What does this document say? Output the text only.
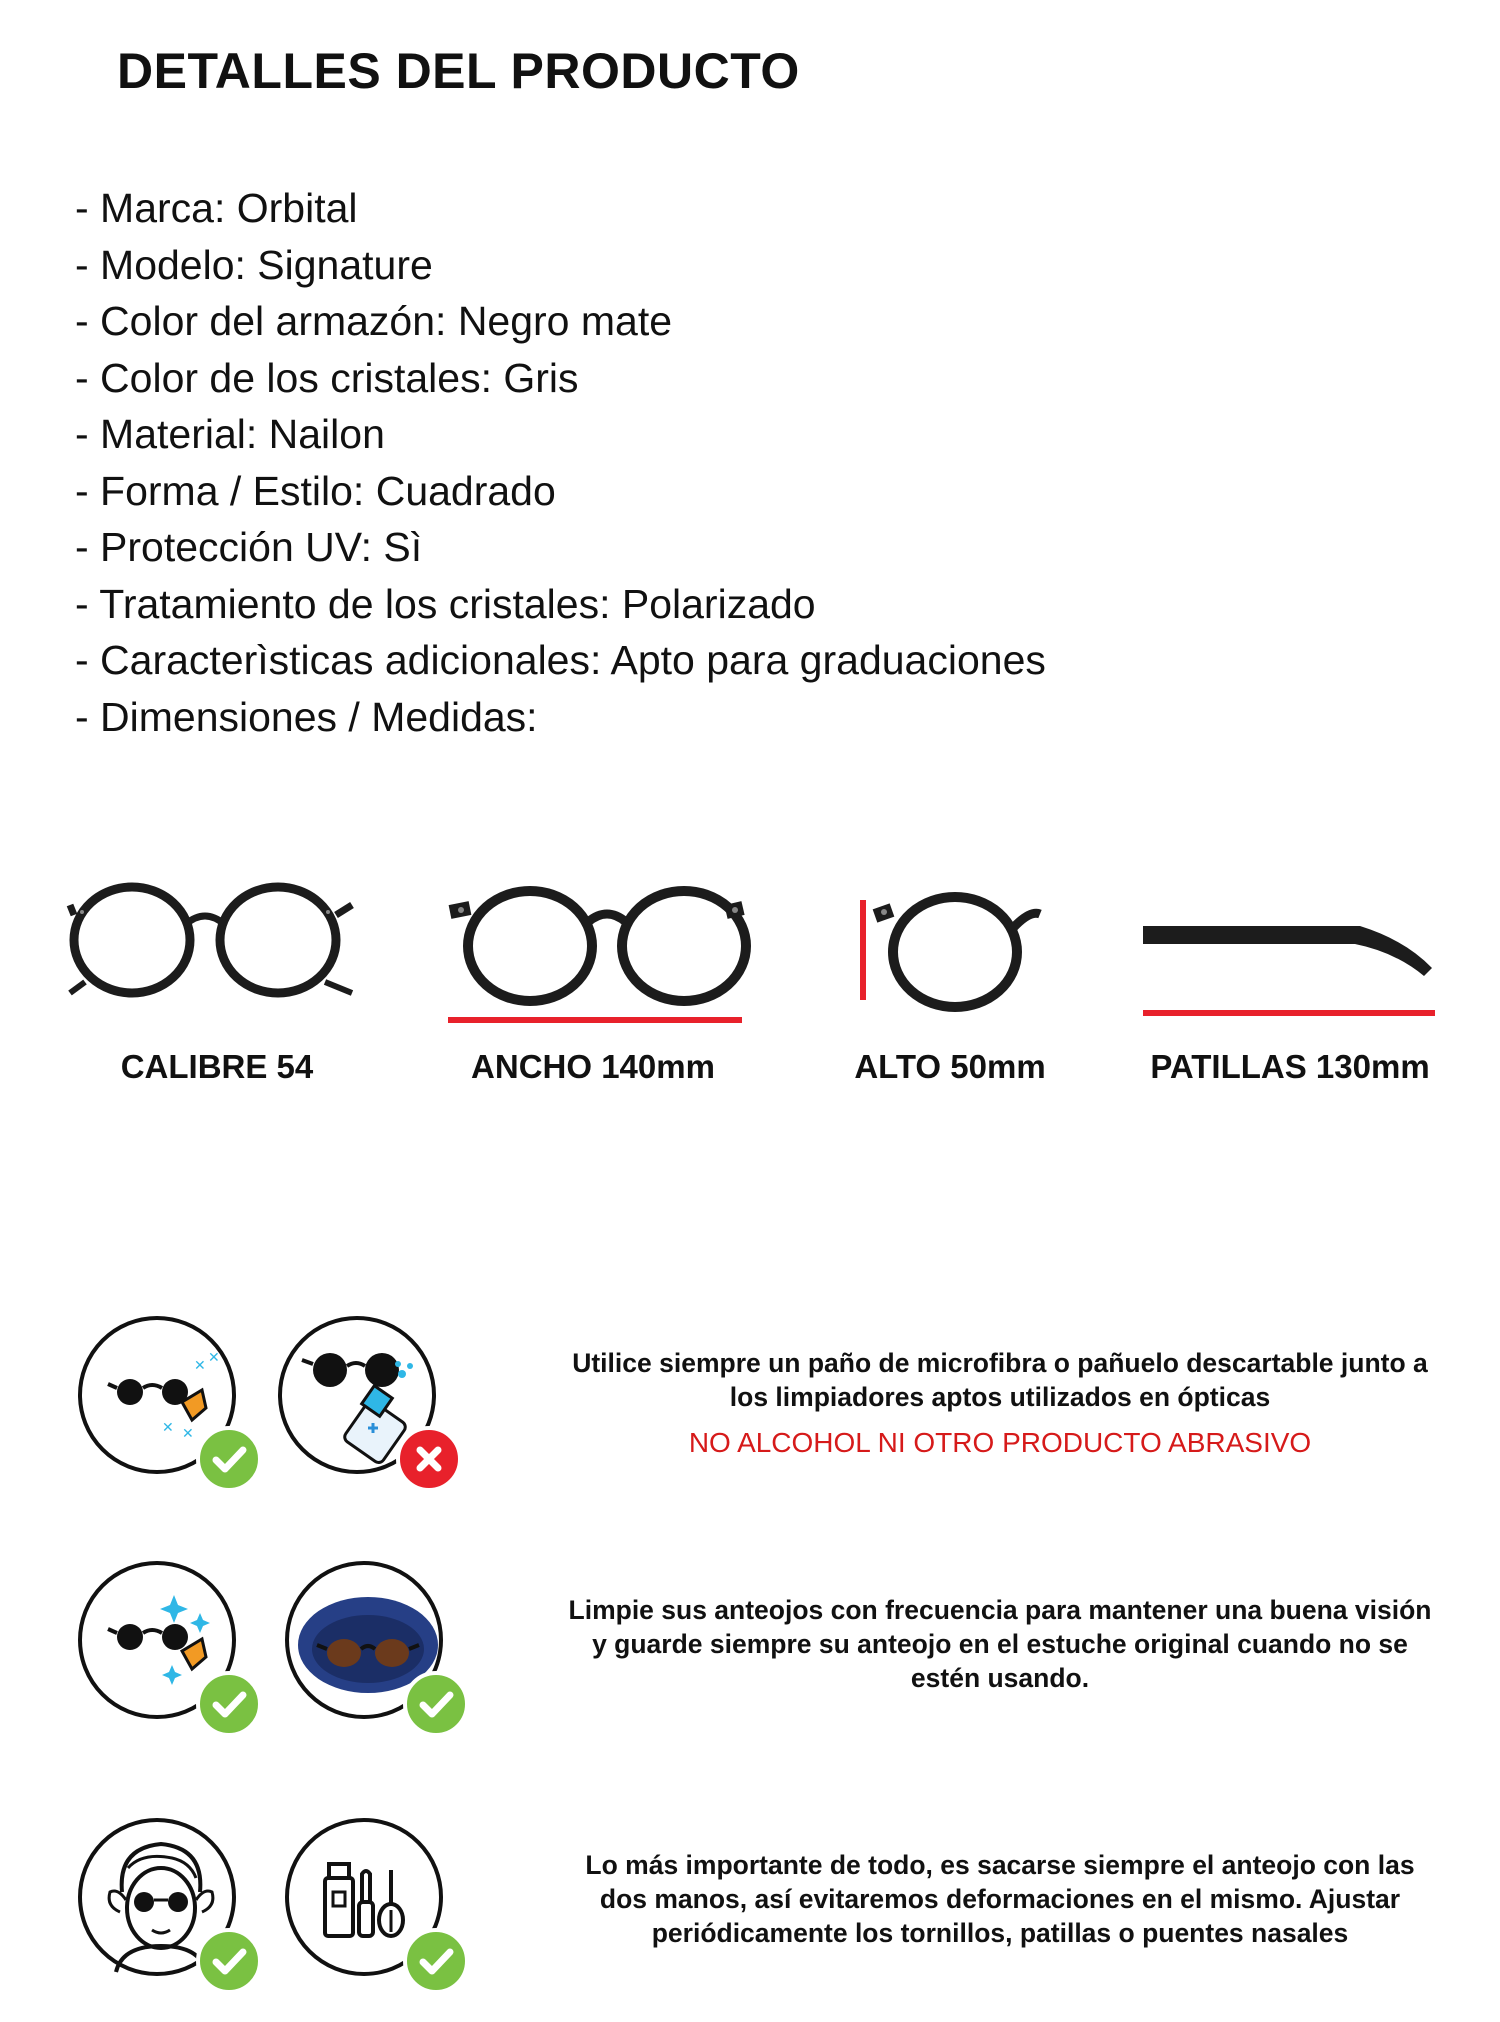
DETALLES DEL PRODUCTO
- Marca: Orbital
- Modelo: Signature
- Color del armazón: Negro mate
- Color de los cristales: Gris
- Material: Nailon
- Forma / Estilo: Cuadrado
- Protección UV: Sì
- Tratamiento de los cristales: Polarizado
- Caracterìsticas adicionales: Apto para graduaciones
- Dimensiones / Medidas:
CALIBRE 54	ANCHO 140mm	ALTO 50mm	PATILLAS 130mm
✕ ✕
✕
✕
Utilice siempre un paño de microfibra o pañuelo descartable junto a los limpiadores aptos utilizados en ópticas
NO ALCOHOL NI OTRO PRODUCTO ABRASIVO
Limpie sus anteojos con frecuencia para mantener una buena visión y guarde siempre su anteojo en el estuche original cuando no se estén usando.
Lo más importante de todo, es sacarse siempre el anteojo con las dos manos, así evitaremos deformaciones en el mismo. Ajustar periódicamente los tornillos, patillas o puentes nasales
